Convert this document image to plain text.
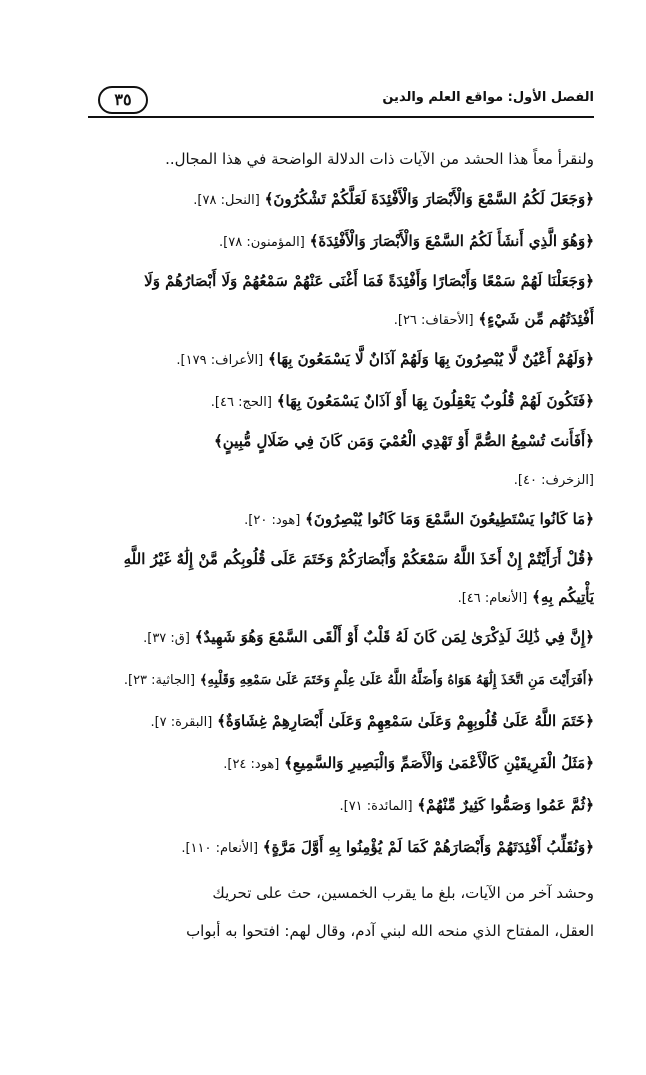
٣٥	الفصل الأول: مواقع العلم والدين

ولنقرأ معاً هذا الحشد من الآيات ذات الدلالة الواضحة في هذا المجال..

﴿وَجَعَلَ لَكُمُ السَّمْعَ وَالْأَبْصَارَ وَالْأَفْئِدَةَ لَعَلَّكُمْ تَشْكُرُونَ﴾ [النحل: ٧٨].
﴿وَهُوَ الَّذِي أَنشَأَ لَكُمُ السَّمْعَ وَالْأَبْصَارَ وَالْأَفْئِدَةَ﴾ [المؤمنون: ٧٨].
﴿وَجَعَلْنَا لَهُمْ سَمْعًا وَأَبْصَارًا وَأَفْئِدَةً فَمَا أَغْنَى عَنْهُمْ سَمْعُهُمْ وَلَا أَبْصَارُهُمْ وَلَا
أَفْئِدَتُهُم مِّن شَيْءٍ﴾ [الأحقاف: ٢٦].
﴿وَلَهُمْ أَعْيُنٌ لَّا يُبْصِرُونَ بِهَا وَلَهُمْ آذَانٌ لَّا يَسْمَعُونَ بِهَا﴾ [الأعراف: ١٧٩].
﴿فَتَكُونَ لَهُمْ قُلُوبٌ يَعْقِلُونَ بِهَا أَوْ آذَانٌ يَسْمَعُونَ بِهَا﴾ [الحج: ٤٦].
﴿أَفَأَنتَ تُسْمِعُ الصُّمَّ أَوْ تَهْدِي الْعُمْيَ وَمَن كَانَ فِي ضَلَالٍ مُّبِينٍ﴾
[الزخرف: ٤٠].
﴿مَا كَانُوا يَسْتَطِيعُونَ السَّمْعَ وَمَا كَانُوا يُبْصِرُونَ﴾ [هود: ٢٠].
﴿قُلْ أَرَأَيْتُمْ إِنْ أَخَذَ اللَّهُ سَمْعَكُمْ وَأَبْصَارَكُمْ وَخَتَمَ عَلَى قُلُوبِكُم مَّنْ إِلَٰهٌ غَيْرُ اللَّهِ
يَأْتِيكُم بِهِ﴾ [الأنعام: ٤٦].
﴿إِنَّ فِي ذَٰلِكَ لَذِكْرَىٰ لِمَن كَانَ لَهُ قَلْبٌ أَوْ أَلْقَى السَّمْعَ وَهُوَ شَهِيدٌ﴾ [ق: ٣٧].
﴿أَفَرَأَيْتَ مَنِ اتَّخَذَ إِلَٰهَهُ هَوَاهُ وَأَضَلَّهُ اللَّهُ عَلَىٰ عِلْمٍ وَخَتَمَ عَلَىٰ سَمْعِهِ وَقَلْبِهِ﴾ [الجاثية: ٢٣].
﴿خَتَمَ اللَّهُ عَلَىٰ قُلُوبِهِمْ وَعَلَىٰ سَمْعِهِمْ وَعَلَىٰ أَبْصَارِهِمْ غِشَاوَةٌ﴾ [البقرة: ٧].
﴿مَثَلُ الْفَرِيقَيْنِ كَالْأَعْمَىٰ وَالْأَصَمِّ وَالْبَصِيرِ وَالسَّمِيعِ﴾ [هود: ٢٤].
﴿ثُمَّ عَمُوا وَصَمُّوا كَثِيرٌ مِّنْهُمْ﴾ [المائدة: ٧١].
﴿وَنُقَلِّبُ أَفْئِدَتَهُمْ وَأَبْصَارَهُمْ كَمَا لَمْ يُؤْمِنُوا بِهِ أَوَّلَ مَرَّةٍ﴾ [الأنعام: ١١٠].

وحشد آخر من الآيات، بلغ ما يقرب الخمسين، حث على تحريك

العقل، المفتاح الذي منحه الله لبني آدم، وقال لهم: افتحوا به أبواب
